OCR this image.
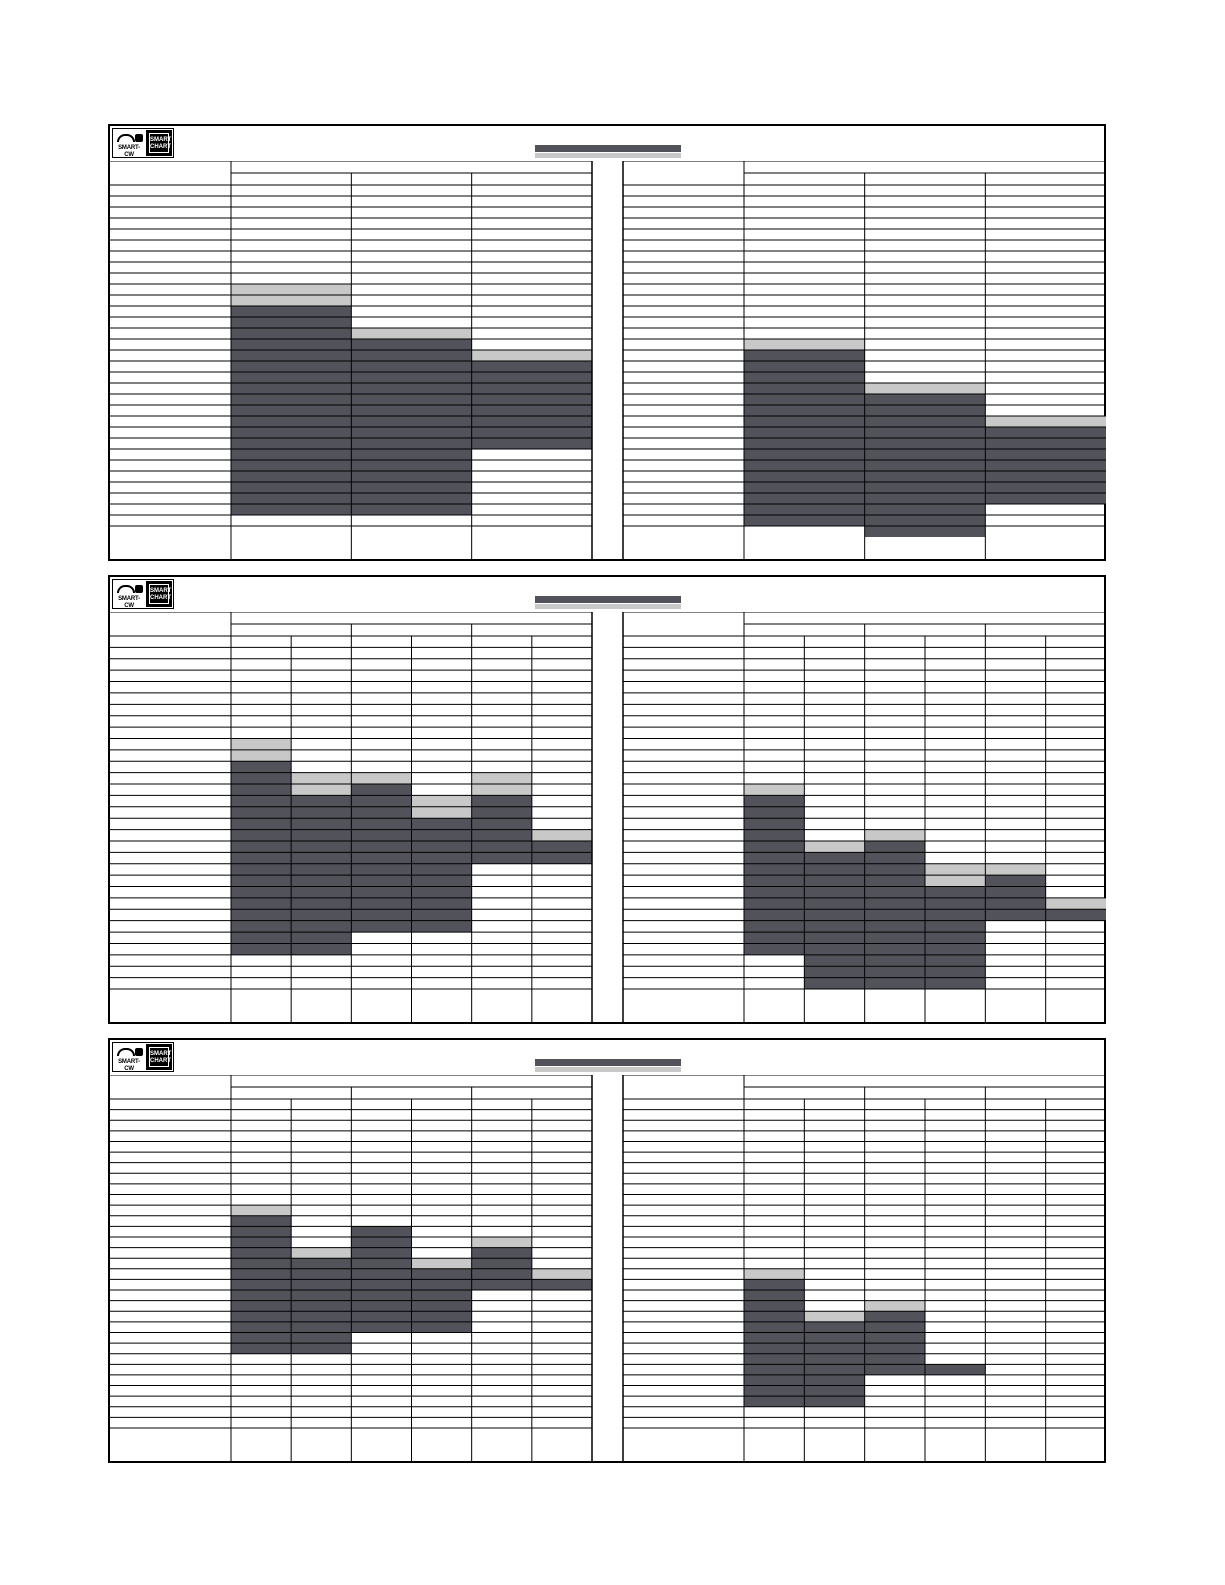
SMART-CW
SMART
CHART
SMART-CW
SMART
CHART
SMART-CW
SMART
CHART
